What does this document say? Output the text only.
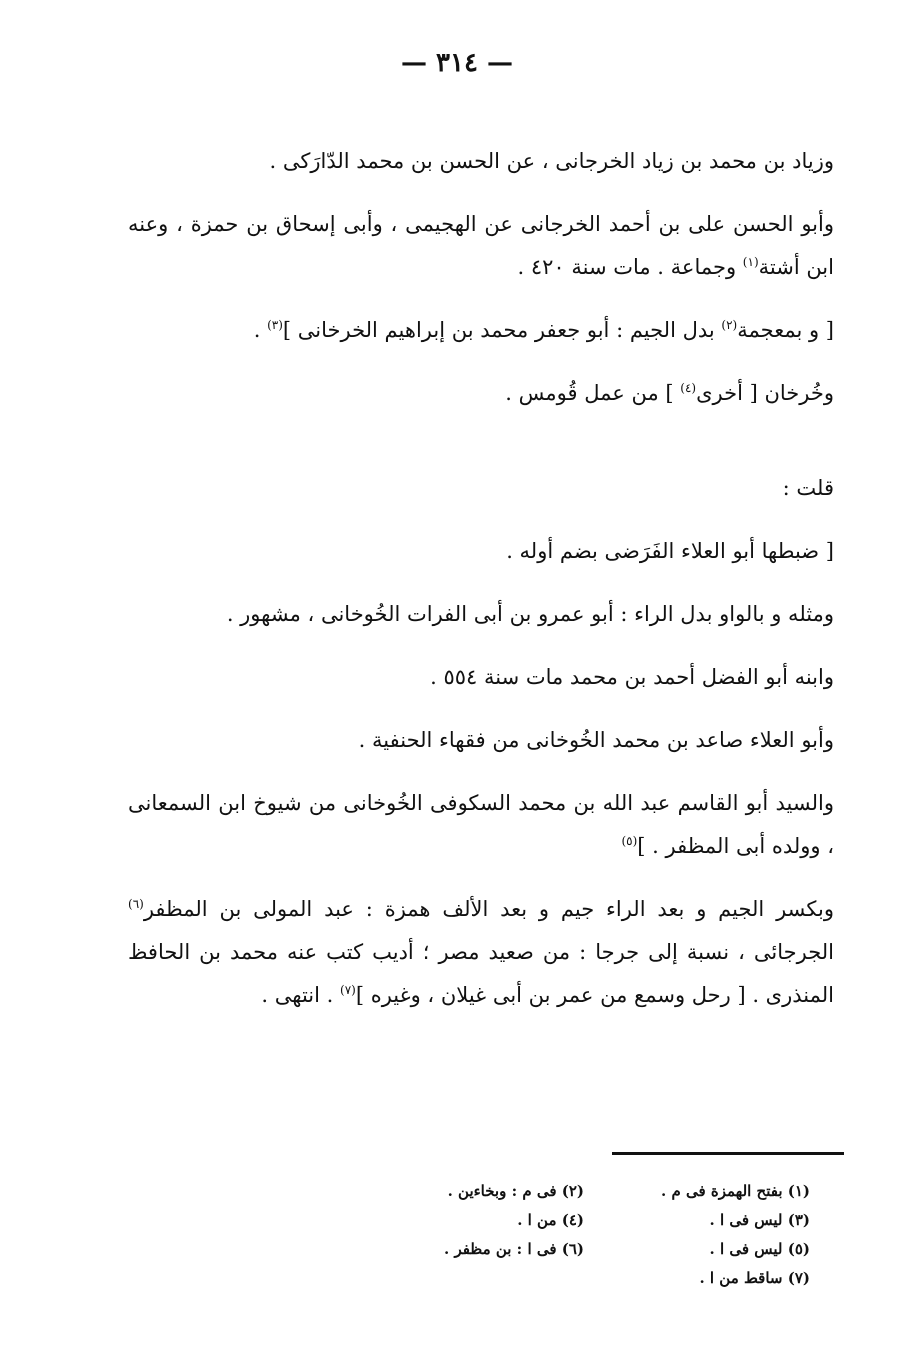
— ٣١٤ —

وزياد بن محمد بن زياد الخرجانى ، عن الحسن بن محمد الدّارَكى .

وأبو الحسن على بن أحمد الخرجانى عن الهجيمى ، وأبى إسحاق بن حمزة ، وعنه ابن أشتة$^{(١)}$ وجماعة . مات سنة ٤٢٠ .

[ و بمعجمة$^{(٢)}$ بدل الجيم : أبو جعفر محمد بن إبراهيم الخرخانى ]$^{(٣)}$ .

وخُرخان [ أخرى$^{(٤)}$ ] من عمل قُومس .

قلت :

[ ضبطها أبو العلاء الفَرَضى بضم أوله .

ومثله و بالواو بدل الراء : أبو عمرو بن أبى الفرات الخُوخانى ، مشهور .

وابنه أبو الفضل أحمد بن محمد مات سنة ٥٥٤ .

وأبو العلاء صاعد بن محمد الخُوخانى من فقهاء الحنفية .

والسيد أبو القاسم عبد الله بن محمد السكوفى الخُوخانى من شيوخ ابن السمعانى ، وولده أبى المظفر . ]$^{(٥)}$

وبكسر الجيم و بعد الراء جيم و بعد الألف همزة : عبد المولى بن المظفر$^{(٦)}$ الجرجائى ، نسبة إلى جرجا : من صعيد مصر ؛ أديب كتب عنه محمد بن الحافظ المنذرى . [ رحل وسمع من عمر بن أبى غيلان ، وغيره ]$^{(٧)}$ . انتهى .

(١) بفتح الهمزة فى م .
(٢) فى م : وبخاءين .
(٣) ليس فى ا .
(٤) من ا .
(٥) ليس فى ا .
(٦) فى ا : بن مظفر .
(٧) ساقط من ا .
